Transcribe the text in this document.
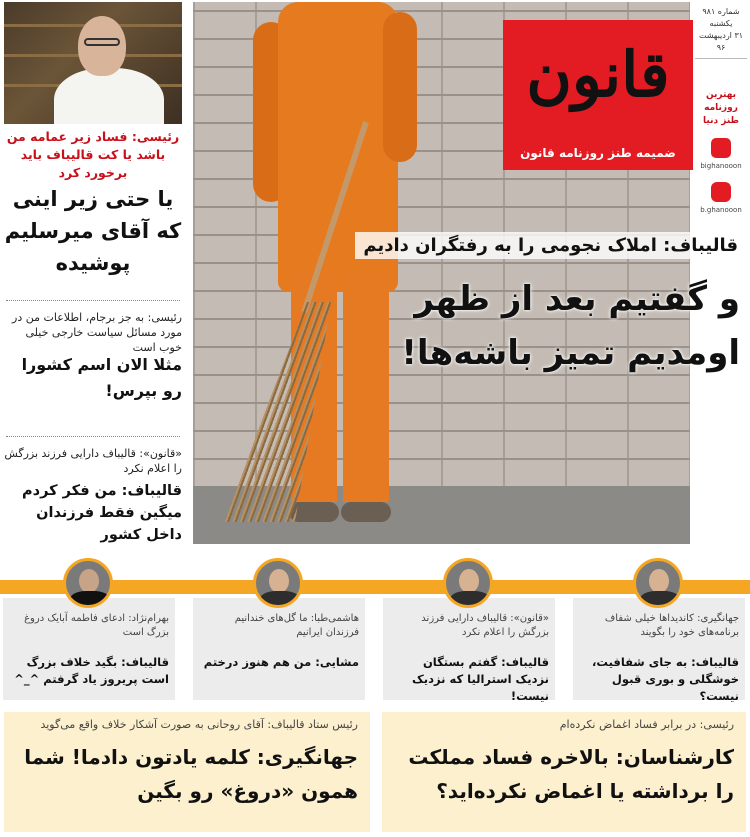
رئیسی: فساد زیر عمامه من باشد یا کت قالیباف باید برخورد کرد
یا حتی زیر اینی که آقای میرسلیم پوشیده
رئیسی: به جز برجام، اطلاعات من در مورد مسائل سیاست خارجی خیلی خوب است
مثلا الان اسم کشورا رو بپرس!
«قانون»: قالیباف دارایی فرزند بزرگش را اعلام نکرد
قالیباف: من فکر کردم میگین فقط فرزندان داخل کشور
قالیباف: املاک نجومی را به رفتگران دادیم
و گفتیم بعد از ظهر اومدیم تمیز باشه‌ها!
قانون
ضمیمه طنز روزنامه قانون
شماره ۹۸۱
یکشنبه
۳۱ اردیبهشت ۹۶
بهترین روزنامه طنز دنیا
bighanooon
b.ghanooon
جهانگیری: کاندیداها خیلی شفاف برنامه‌های خود را بگویند
قالیباف: به جای شفافیت، خوشگلی و بوری قبول نیست؟
«قانون»: قالیباف دارایی فرزند بزرگش را اعلام نکرد
قالیباف: گفتم بستگان نزدیک استرالیا که نزدیک نیست!
هاشمی‌طبا: ما گل‌های خندانیم فرزندان ایرانیم
مشایی: من هم هنوز درختم
بهرام‌نژاد: ادعای فاطمه آبایک دروغ بزرگ است
قالیباف: بگید خلاف بزرگ است پریروز یاد گرفتم ^_^
رئیس ستاد قالیباف: آقای روحانی به صورت آشکار خلاف واقع می‌گوید
جهانگیری: کلمه یادتون دادما! شما همون «دروغ» رو بگین
رئیسی: در برابر فساد اغماض نکرده‌ام
کارشناسان: بالاخره فساد مملکت را برداشته یا اغماض نکرده‌اید؟
